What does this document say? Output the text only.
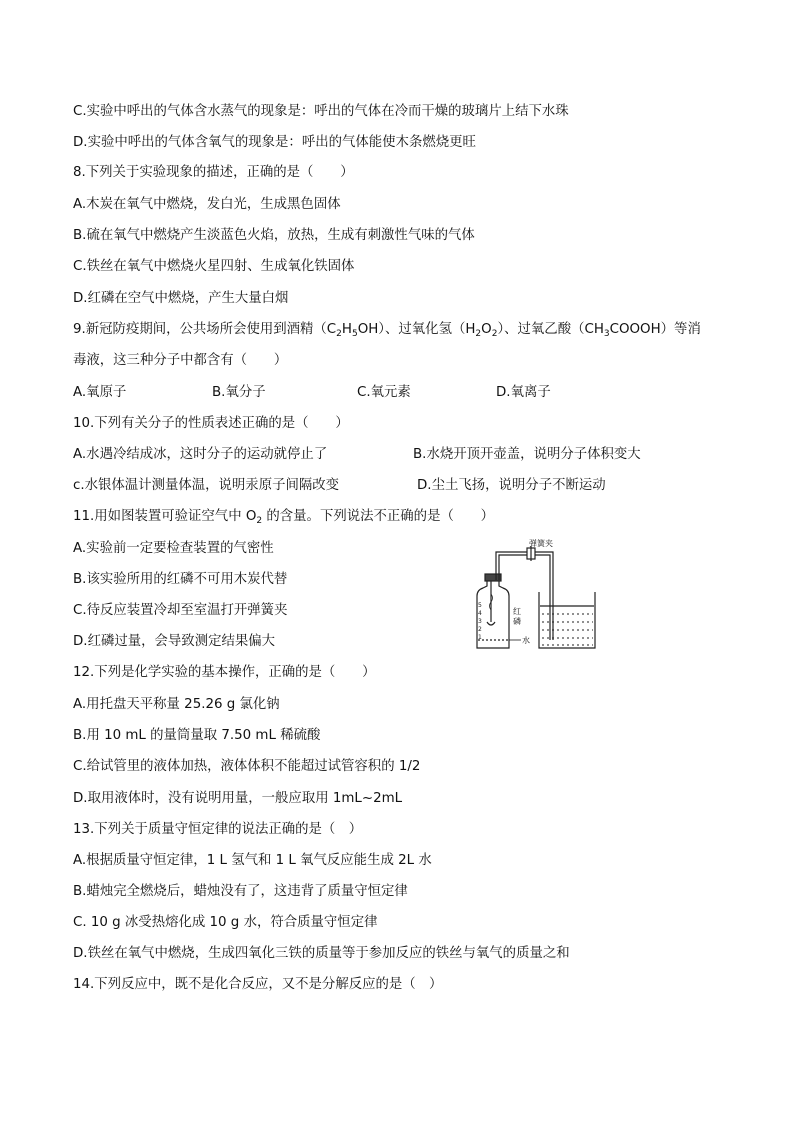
C.实验中呼出的气体含水蒸气的现象是：呼出的气体在冷而干燥的玻璃片上结下水珠
D.实验中呼出的气体含氧气的现象是：呼出的气体能使木条燃烧更旺
8.下列关于实验现象的描述，正确的是（　　）
A.木炭在氧气中燃烧，发白光，生成黑色固体
B.硫在氧气中燃烧产生淡蓝色火焰，放热，生成有刺激性气味的气体
C.铁丝在氧气中燃烧火星四射、生成氧化铁固体
D.红磷在空气中燃烧，产生大量白烟
9.新冠防疫期间，公共场所会使用到酒精$(C_2H_5OH)$、过氧化氢$(H_2O_2)$、过氧乙酸$(CH_3COOOH)$等消
毒液，这三种分子中都含有（　　）
A.氧原子	B.氧分子	C.氧元素	D.氧离子
10.下列有关分子的性质表述正确的是（　　）
A.水遇冷结成冰，这时分子的运动就停止了	B.水烧开顶开壶盖，说明分子体积变大
c.水银体温计测量体温，说明汞原子间隔改变	D.尘土飞扬，说明分子不断运动
11.用如图装置可验证空气中 $O_2$ 的含量。下列说法不正确的是（　　）
A.实验前一定要检查装置的气密性
B.该实验所用的红磷不可用木炭代替
C.待反应装置冷却至室温打开弹簧夹
D.红磷过量，会导致测定结果偏大
5
4
3
2
1
弹簧夹
红 磷
水
12.下列是化学实验的基本操作，正确的是（　　）
A.用托盘天平称量 25.26 g 氯化钠
B.用 10 mL 的量筒量取 7.50 mL 稀硫酸
C.给试管里的液体加热，液体体积不能超过试管容积的 1/2
D.取用液体时，没有说明用量，一般应取用 1mL~2mL
13.下列关于质量守恒定律的说法正确的是（　）
A.根据质量守恒定律，1 L 氢气和 1 L 氧气反应能生成 2L 水
B.蜡烛完全燃烧后，蜡烛没有了，这违背了质量守恒定律
C. 10 g 冰受热熔化成 10 g 水，符合质量守恒定律
D.铁丝在氧气中燃烧，生成四氧化三铁的质量等于参加反应的铁丝与氧气的质量之和
14.下列反应中，既不是化合反应，又不是分解反应的是（　）
